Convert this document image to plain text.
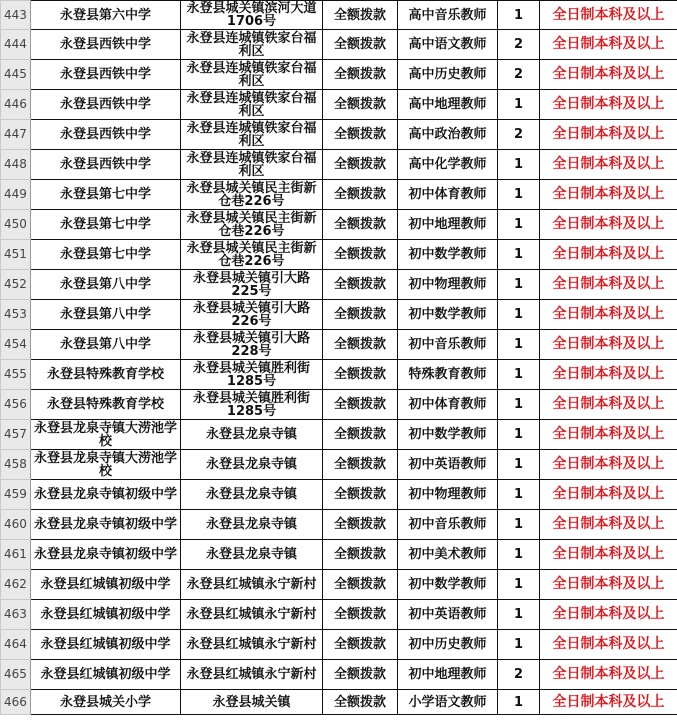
443	永登县第六中学	永登县城关镇滨河大道1706号	全额拨款	高中音乐教师	1	全日制本科及以上
444	永登县西铁中学	永登县连城镇铁家台福利区	全额拨款	高中语文教师	2	全日制本科及以上
445	永登县西铁中学	永登县连城镇铁家台福利区	全额拨款	高中历史教师	2	全日制本科及以上
446	永登县西铁中学	永登县连城镇铁家台福利区	全额拨款	高中地理教师	1	全日制本科及以上
447	永登县西铁中学	永登县连城镇铁家台福利区	全额拨款	高中政治教师	2	全日制本科及以上
448	永登县西铁中学	永登县连城镇铁家台福利区	全额拨款	高中化学教师	1	全日制本科及以上
449	永登县第七中学	永登县城关镇民主街新仓巷226号	全额拨款	初中体育教师	1	全日制本科及以上
450	永登县第七中学	永登县城关镇民主街新仓巷226号	全额拨款	初中地理教师	1	全日制本科及以上
451	永登县第七中学	永登县城关镇民主街新仓巷226号	全额拨款	初中数学教师	1	全日制本科及以上
452	永登县第八中学	永登县城关镇引大路225号	全额拨款	初中物理教师	1	全日制本科及以上
453	永登县第八中学	永登县城关镇引大路226号	全额拨款	初中数学教师	1	全日制本科及以上
454	永登县第八中学	永登县城关镇引大路228号	全额拨款	初中音乐教师	1	全日制本科及以上
455	永登县特殊教育学校	永登县城关镇胜利街1285号	全额拨款	特殊教育教师	1	全日制本科及以上
456	永登县特殊教育学校	永登县城关镇胜利街1285号	全额拨款	初中体育教师	1	全日制本科及以上
457	永登县龙泉寺镇大涝池学校	永登县龙泉寺镇	全额拨款	初中数学教师	1	全日制本科及以上
458	永登县龙泉寺镇大涝池学校	永登县龙泉寺镇	全额拨款	初中英语教师	1	全日制本科及以上
459	永登县龙泉寺镇初级中学	永登县龙泉寺镇	全额拨款	初中物理教师	1	全日制本科及以上
460	永登县龙泉寺镇初级中学	永登县龙泉寺镇	全额拨款	初中音乐教师	1	全日制本科及以上
461	永登县龙泉寺镇初级中学	永登县龙泉寺镇	全额拨款	初中美术教师	1	全日制本科及以上
462	永登县红城镇初级中学	永登县红城镇永宁新村	全额拨款	初中数学教师	1	全日制本科及以上
463	永登县红城镇初级中学	永登县红城镇永宁新村	全额拨款	初中英语教师	1	全日制本科及以上
464	永登县红城镇初级中学	永登县红城镇永宁新村	全额拨款	初中历史教师	1	全日制本科及以上
465	永登县红城镇初级中学	永登县红城镇永宁新村	全额拨款	初中地理教师	2	全日制本科及以上
466	永登县城关小学	永登县城关镇	全额拨款	小学语文教师	1	全日制本科及以上
